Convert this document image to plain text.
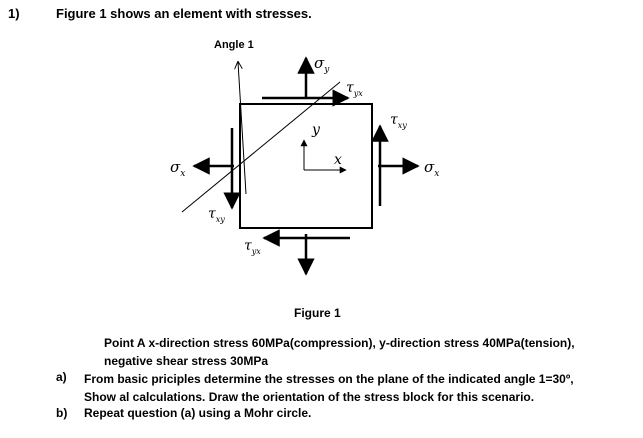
1)	Figure 1 shows an element with stresses.
Angle 1
$\sigma_y$
$\tau_{yx}$
$\tau_{xy}$
$\sigma_x$
$\sigma_x$
$\tau_{xy}$
$\tau_{yx}$
y
x
Figure 1
Point A x-direction stress 60MPa(compression), y-direction stress 40MPa(tension),
negative shear stress 30MPa
a) From basic priciples determine the stresses on the plane of the indicated angle 1=30º,
Show al calculations. Draw the orientation of the stress block for this scenario.
b) Repeat question (a) using a Mohr circle.
